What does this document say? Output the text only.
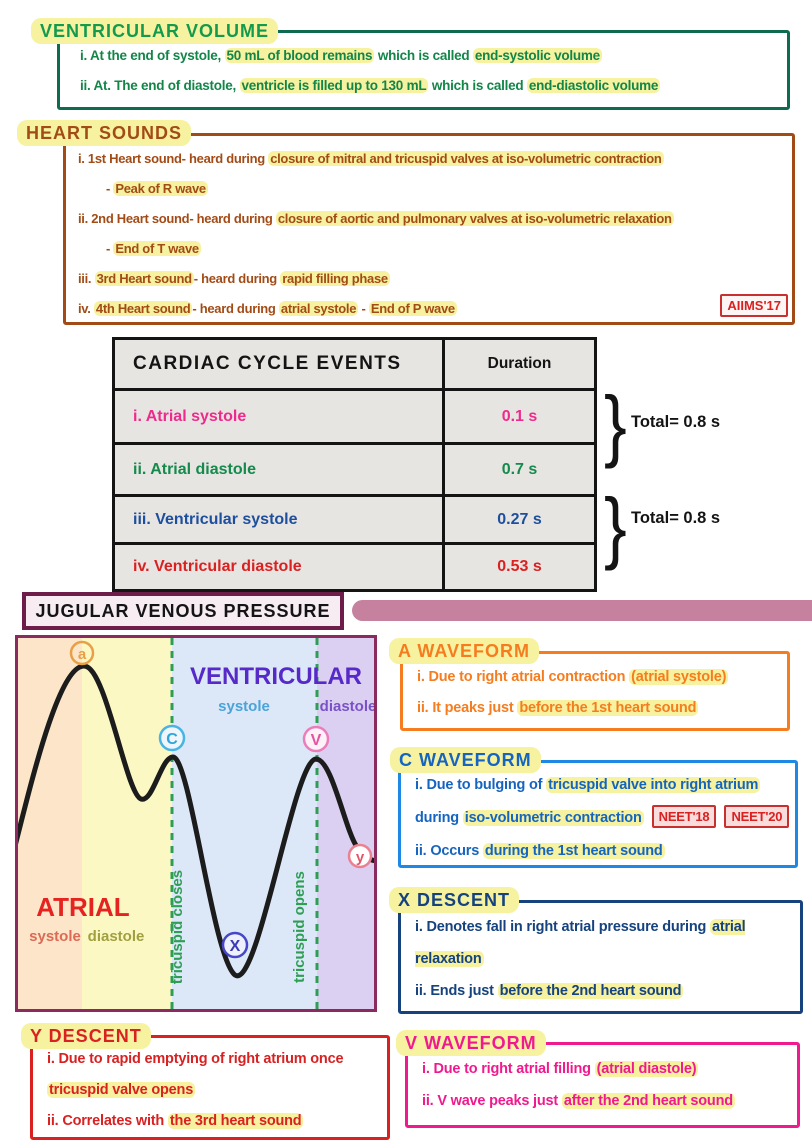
VENTRICULAR VOLUME
i. At the end of systole, 50 mL of blood remains which is called end-systolic volume
ii. At. The end of diastole, ventricle is filled up to 130 mL which is called end-diastolic volume
HEART SOUNDS
i. 1st Heart sound- heard during closure of mitral and tricuspid valves at iso-volumetric contraction
- Peak of R wave
ii. 2nd Heart sound- heard during closure of aortic and pulmonary valves at iso-volumetric relaxation
- End of T wave
iii. 3rd Heart sound - heard during rapid filling phase
iv. 4th Heart sound - heard during atrial systole - End of P wave	AIIMS'17
CARDIAC CYCLE EVENTS	Duration
i. Atrial systole	0.1 s
ii. Atrial diastole	0.7 s
iii. Ventricular systole	0.27 s
iv. Ventricular diastole	0.53 s
} Total= 0.8 s
} Total= 0.8 s
JUGULAR VENOUS PRESSURE
VENTRICULAR
systole	diastole
ATRIAL
systole diastole tricuspid closes	tricuspid opens
a
C	V
X
y
A WAVEFORM
i. Due to right atrial contraction (atrial systole)
ii. It peaks just before the 1st heart sound
C WAVEFORM
i. Due to bulging of tricuspid valve into right atrium during iso-volumetric contraction NEET'18 NEET'20
ii. Occurs during the 1st heart sound
X DESCENT
i. Denotes fall in right atrial pressure during atrial relaxation
ii. Ends just before the 2nd heart sound
Y DESCENT
i. Due to rapid emptying of right atrium once tricuspid valve opens
ii. Correlates with the 3rd heart sound
V WAVEFORM
i. Due to right atrial filling (atrial diastole)
ii. V wave peaks just after the 2nd heart sound
